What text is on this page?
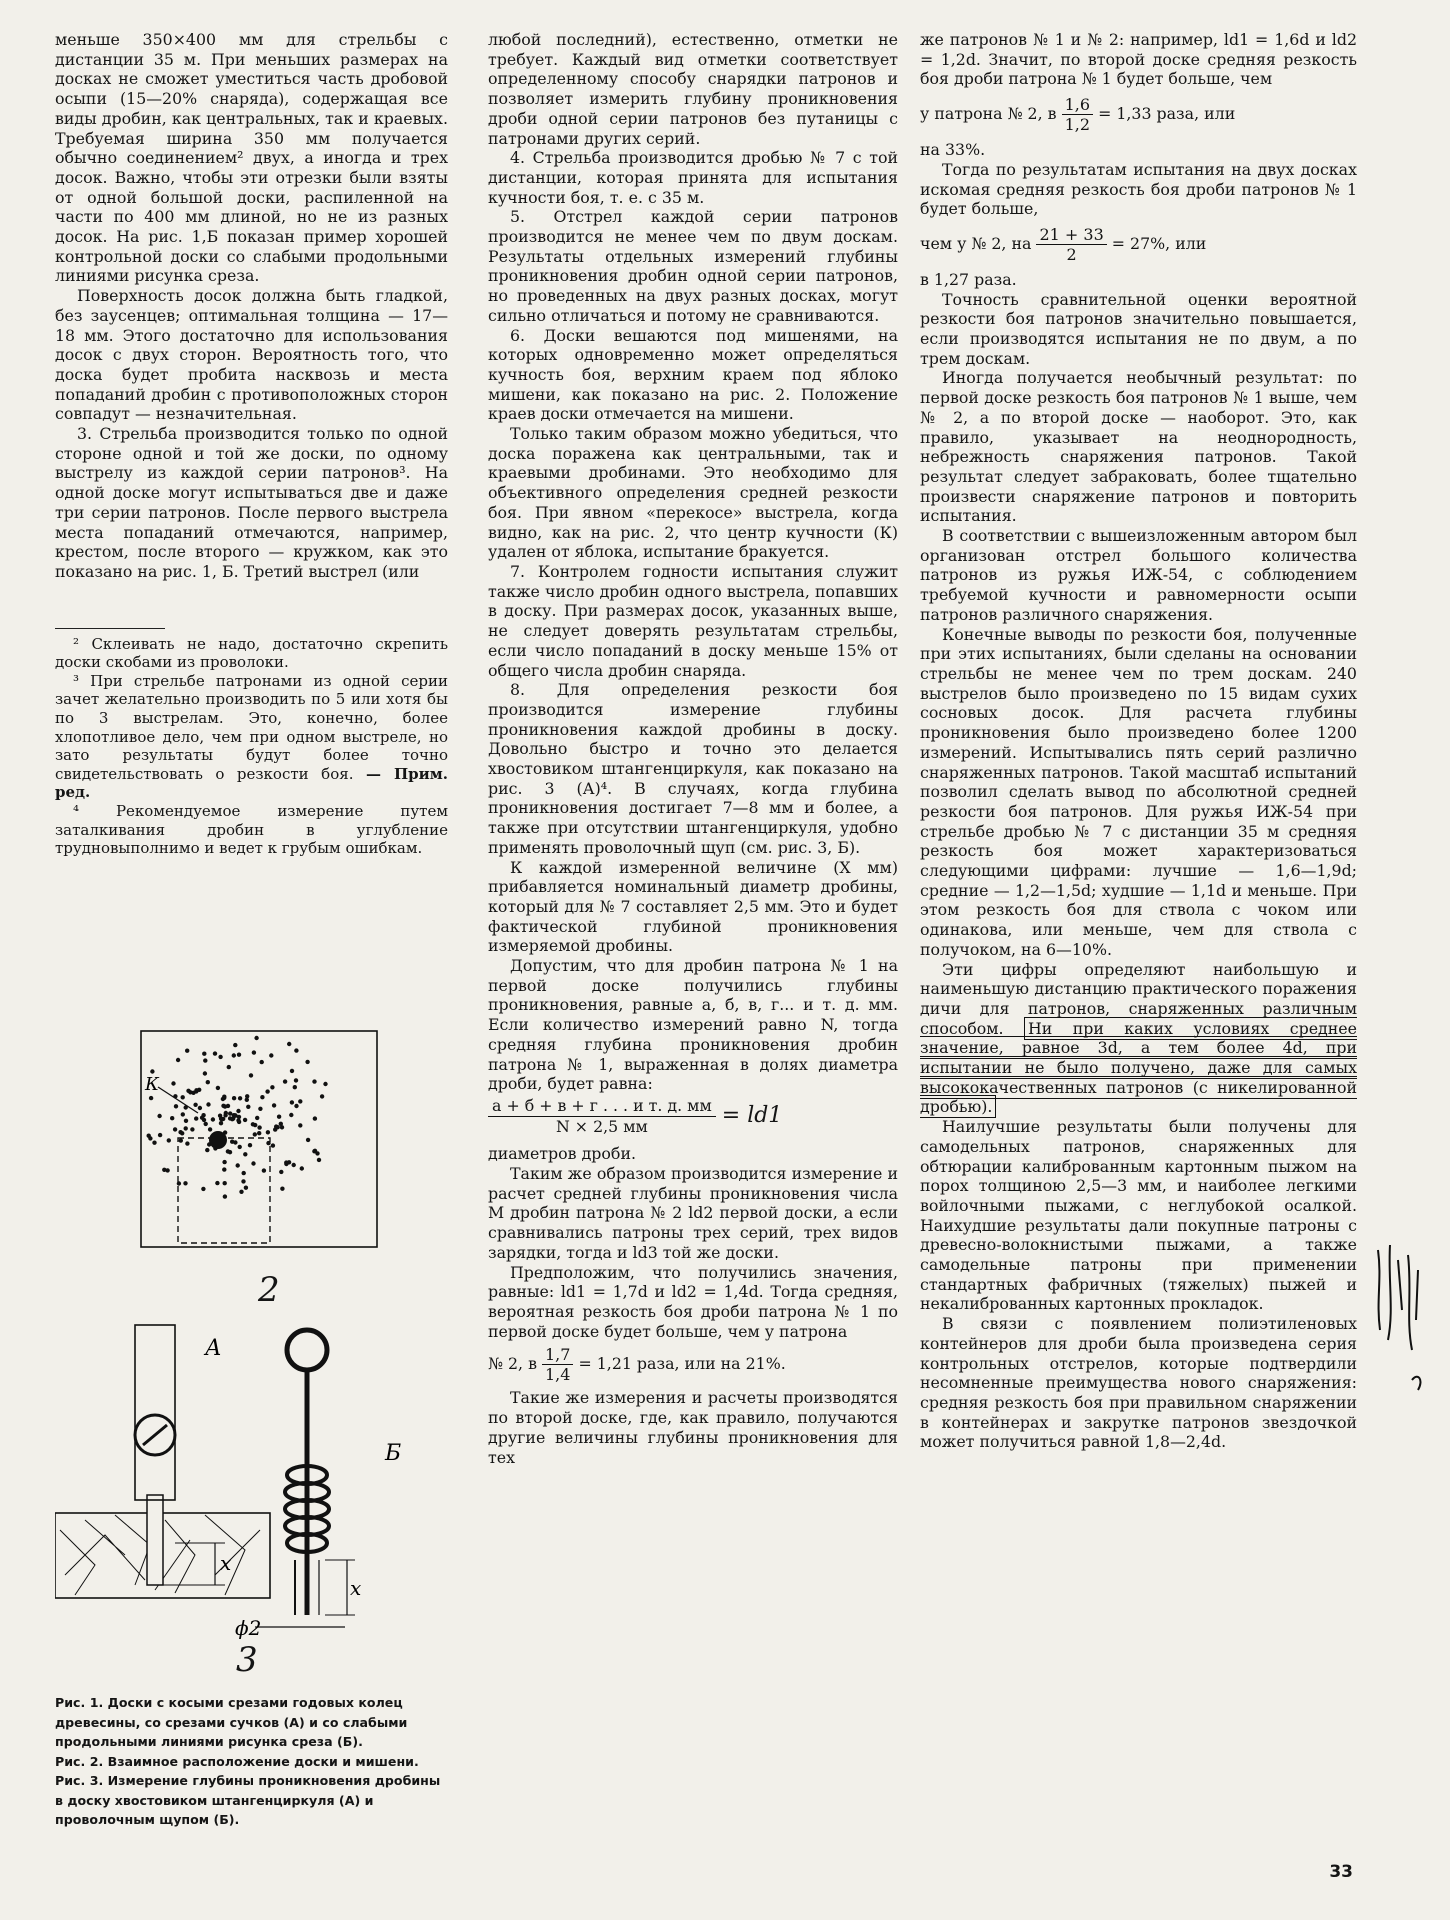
меньше 350×400 мм для стрельбы с дистанции 35 м. При меньших размерах на досках не сможет уместиться часть дробовой осыпи (15—20% снаряда), содержащая все виды дробин, как центральных, так и краевых. Требуемая ширина 350 мм получается обычно соединением² двух, а иногда и трех досок. Важно, чтобы эти отрезки были взяты от одной большой доски, распиленной на части по 400 мм длиной, но не из разных досок. На рис. 1,Б показан пример хорошей контрольной доски со слабыми продольными линиями рисунка среза.

Поверхность досок должна быть гладкой, без заусенцев; оптимальная толщина — 17—18 мм. Этого достаточно для использования досок с двух сторон. Вероятность того, что доска будет пробита насквозь и места попаданий дробин с противоположных сторон совпадут — незначительная.

3. Стрельба производится только по одной стороне одной и той же доски, по одному выстрелу из каждой серии патронов³. На одной доске могут испытываться две и даже три серии патронов. После первого выстрела места попаданий отмечаются, например, крестом, после второго — кружком, как это показано на рис. 1, Б. Третий выстрел (или

² Склеивать не надо, достаточно скрепить доски скобами из проволоки.

³ При стрельбе патронами из одной серии зачет желательно производить по 5 или хотя бы по 3 выстрелам. Это, конечно, более хлопотливое дело, чем при одном выстреле, но зато результаты будут более точно свидетельствовать о резкости боя. — Прим. ред.

⁴ Рекомендуемое измерение путем заталкивания дробин в углубление трудновыполнимо и ведет к грубым ошибкам.

К
2
x
А
x
Б
ϕ2
3

Рис. 1. Доски с косыми срезами годовых колец древесины, со срезами сучков (А) и со слабыми продольными линиями рисунка среза (Б).

Рис. 2. Взаимное расположение доски и мишени.

Рис. 3. Измерение глубины проникновения дробины в доску хвостовиком штангенциркуля (А) и проволочным щупом (Б).

любой последний), естественно, отметки не требует. Каждый вид отметки соответствует определенному способу снарядки патронов и позволяет измерить глубину проникновения дроби одной серии патронов без путаницы с патронами других серий.

4. Стрельба производится дробью № 7 с той дистанции, которая принята для испытания кучности боя, т. е. с 35 м.

5. Отстрел каждой серии патронов производится не менее чем по двум доскам. Результаты отдельных измерений глубины проникновения дробин одной серии патронов, но проведенных на двух разных досках, могут сильно отличаться и потому не сравниваются.

6. Доски вешаются под мишенями, на которых одновременно может определяться кучность боя, верхним краем под яблоко мишени, как показано на рис. 2. Положение краев доски отмечается на мишени.

Только таким образом можно убедиться, что доска поражена как центральными, так и краевыми дробинами. Это необходимо для объективного определения средней резкости боя. При явном «перекосе» выстрела, когда видно, как на рис. 2, что центр кучности (К) удален от яблока, испытание бракуется.

7. Контролем годности испытания служит также число дробин одного выстрела, попавших в доску. При размерах досок, указанных выше, не следует доверять результатам стрельбы, если число попаданий в доску меньше 15% от общего числа дробин снаряда.

8. Для определения резкости боя производится измерение глубины проникновения каждой дробины в доску. Довольно быстро и точно это делается хвостовиком штангенциркуля, как показано на рис. 3 (А)⁴. В случаях, когда глубина проникновения достигает 7—8 мм и более, а также при отсутствии штангенциркуля, удобно применять проволочный щуп (см. рис. 3, Б).

К каждой измеренной величине (Х мм) прибавляется номинальный диаметр дробины, который для № 7 составляет 2,5 мм. Это и будет фактической глубиной проникновения измеряемой дробины.

Допустим, что для дробин патрона № 1 на первой доске получились глубины проникновения, равные а, б, в, г... и т. д. мм. Если количество измерений равно N, тогда средняя глубина проникновения дробин патрона № 1, выраженная в долях диаметра дроби, будет равна:

$\frac{\text{а + б + в + г . . . и т. д. мм}}{N \times 2,5 мм} = ld1$

диаметров дроби.

Таким же образом производится измерение и расчет средней глубины проникновения числа М дробин патрона № 2 ld2 первой доски, а если сравнивались патроны трех серий, трех видов зарядки, тогда и ld3 той же доски.

Предположим, что получились значения, равные: ld1 = 1,7d и ld2 = 1,4d. Тогда средняя, вероятная резкость боя дроби патрона № 1 по первой доске будет больше, чем у патрона

№ 2, в $\frac{1,7}{1,4} = 1,21$ раза, или на 21%.

Такие же измерения и расчеты производятся по второй доске, где, как правило, получаются другие величины глубины проникновения для тех

же патронов № 1 и № 2: например, ld1 = 1,6d и ld2 = 1,2d. Значит, по второй доске средняя резкость боя дроби патрона № 1 будет больше, чем

у патрона № 2, в $\frac{1,6}{1,2} = 1,33$ раза, или

на 33%.

Тогда по результатам испытания на двух досках искомая средняя резкость боя дроби патронов № 1 будет больше,

чем у № 2, на $\frac{21 + 33}{2} = 27\%$, или

в 1,27 раза.

Точность сравнительной оценки вероятной резкости боя патронов значительно повышается, если производятся испытания не по двум, а по трем доскам.

Иногда получается необычный результат: по первой доске резкость боя патронов № 1 выше, чем № 2, а по второй доске — наоборот. Это, как правило, указывает на неоднородность, небрежность снаряжения патронов. Такой результат следует забраковать, более тщательно произвести снаряжение патронов и повторить испытания.

В соответствии с вышеизложенным автором был организован отстрел большого количества патронов из ружья ИЖ-54, с соблюдением требуемой кучности и равномерности осыпи патронов различного снаряжения.

Конечные выводы по резкости боя, полученные при этих испытаниях, были сделаны на основании стрельбы не менее чем по трем доскам. 240 выстрелов было произведено по 15 видам сухих сосновых досок. Для расчета глубины проникновения было произведено более 1200 измерений. Испытывались пять серий различно снаряженных патронов. Такой масштаб испытаний позволил сделать вывод по абсолютной средней резкости боя патронов. Для ружья ИЖ-54 при стрельбе дробью № 7 с дистанции 35 м средняя резкость боя может характеризоваться следующими цифрами: лучшие — 1,6—1,9d; средние — 1,2—1,5d; худшие — 1,1d и меньше. При этом резкость боя для ствола с чоком или одинакова, или меньше, чем для ствола с получоком, на 6—10%.

Эти цифры определяют наибольшую и наименьшую дистанцию практического поражения дичи для патронов, снаряженных различным способом. Ни при каких условиях среднее значение, равное 3d, а тем более 4d, при испытании не было получено, даже для самых высококачественных патронов (с никелированной дробью).

Наилучшие результаты были получены для самодельных патронов, снаряженных для обтюрации калиброванным картонным пыжом на порох толщиною 2,5—3 мм, и наиболее легкими войлочными пыжами, с неглубокой осалкой. Наихудшие результаты дали покупные патроны с древесно-волокнистыми пыжами, а также самодельные патроны при применении стандартных фабричных (тяжелых) пыжей и некалиброванных картонных прокладок.

В связи с появлением полиэтиленовых контейнеров для дроби была произведена серия контрольных отстрелов, которые подтвердили несомненные преимущества нового снаряжения: средняя резкость боя при правильном снаряжении в контейнерах и закрутке патронов звездочкой может получиться равной 1,8—2,4d.

33
